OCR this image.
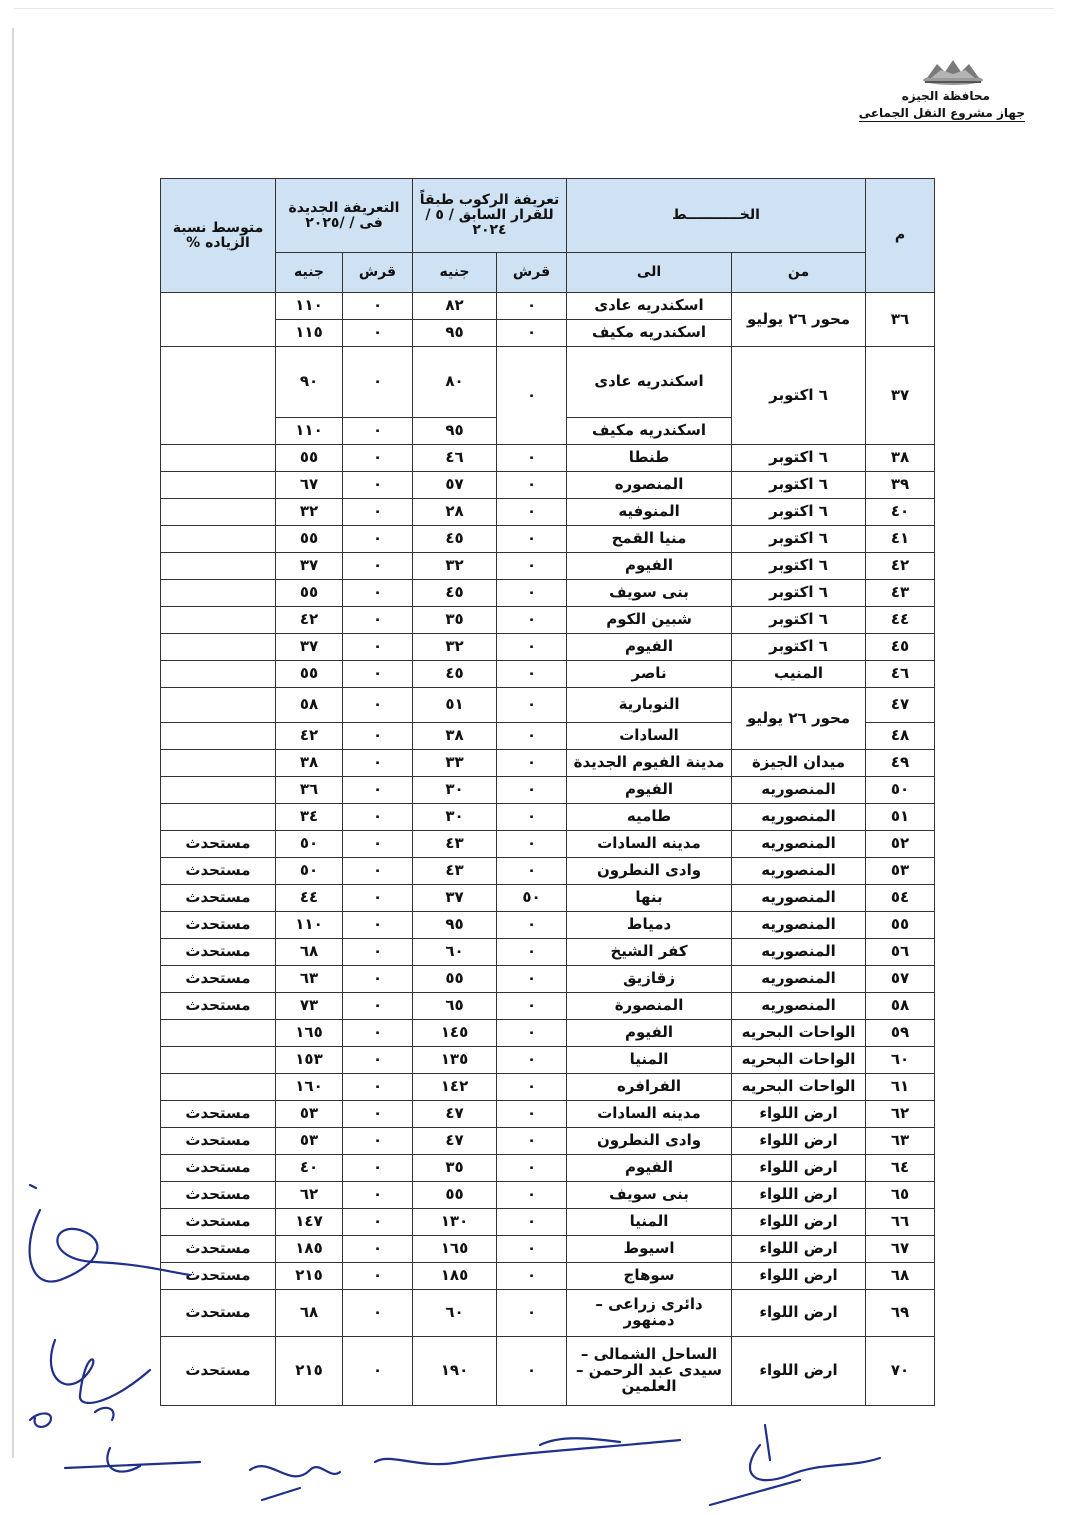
محافظة الجيزه
جهاز مشروع النقل الجماعى
م	الخـــــــــــط		تعريفة الركوب طبقاً للقرار السابق / ٥ / ٢٠٢٤		التعريفة الجديدة فى / /٢٠٢٥		متوسط نسبة الزياده %
	من	الى	قرش	جنيه	قرش	جنيه	
٣٦	محور ٢٦ يوليو	اسكندريه عادى	٠	٨٢	٠	١١٠	
		اسكندريه مكيف	٠	٩٥	٠	١١٥	
٣٧	٦ اكتوبر	اسكندريه عادى	٠	٨٠	٠	٩٠	
		اسكندريه مكيف		٩٥	٠	١١٠	
٣٨	٦ اكتوبر	طنطا	٠	٤٦	٠	٥٥	
٣٩	٦ اكتوبر	المنصوره	٠	٥٧	٠	٦٧	
٤٠	٦ اكتوبر	المنوفيه	٠	٢٨	٠	٣٢	
٤١	٦ اكتوبر	منيا القمح	٠	٤٥	٠	٥٥	
٤٢	٦ اكتوبر	الفيوم	٠	٣٢	٠	٣٧	
٤٣	٦ اكتوبر	بنى سويف	٠	٤٥	٠	٥٥	
٤٤	٦ اكتوبر	شبين الكوم	٠	٣٥	٠	٤٢	
٤٥	٦ اكتوبر	الفيوم	٠	٣٢	٠	٣٧	
٤٦	المنيب	ناصر	٠	٤٥	٠	٥٥	
٤٧	محور ٢٦ يوليو	النوبارية	٠	٥١	٠	٥٨	
٤٨		السادات	٠	٣٨	٠	٤٢	
٤٩	ميدان الجيزة	مدينة الفيوم الجديدة	٠	٣٣	٠	٣٨	
٥٠	المنصوريه	الفيوم	٠	٣٠	٠	٣٦	
٥١	المنصوريه	طاميه	٠	٣٠	٠	٣٤	
٥٢	المنصوريه	مدينه السادات	٠	٤٣	٠	٥٠	مستحدث
٥٣	المنصوريه	وادى النطرون	٠	٤٣	٠	٥٠	مستحدث
٥٤	المنصوريه	بنها	٥٠	٣٧	٠	٤٤	مستحدث
٥٥	المنصوريه	دمياط	٠	٩٥	٠	١١٠	مستحدث
٥٦	المنصوريه	كفر الشيخ	٠	٦٠	٠	٦٨	مستحدث
٥٧	المنصوريه	زقازيق	٠	٥٥	٠	٦٣	مستحدث
٥٨	المنصوريه	المنصورة	٠	٦٥	٠	٧٣	مستحدث
٥٩	الواحات البحريه	الفيوم	٠	١٤٥	٠	١٦٥	
٦٠	الواحات البحريه	المنيا	٠	١٣٥	٠	١٥٣	
٦١	الواحات البحريه	الفرافره	٠	١٤٢	٠	١٦٠	
٦٢	ارض اللواء	مدينه السادات	٠	٤٧	٠	٥٣	مستحدث
٦٣	ارض اللواء	وادى النطرون	٠	٤٧	٠	٥٣	مستحدث
٦٤	ارض اللواء	الفيوم	٠	٣٥	٠	٤٠	مستحدث
٦٥	ارض اللواء	بنى سويف	٠	٥٥	٠	٦٢	مستحدث
٦٦	ارض اللواء	المنيا	٠	١٣٠	٠	١٤٧	مستحدث
٦٧	ارض اللواء	اسيوط	٠	١٦٥	٠	١٨٥	مستحدث
٦٨	ارض اللواء	سوهاج	٠	١٨٥	٠	٢١٥	مستحدث
٦٩	ارض اللواء	دائرى زراعى – دمنهور	٠	٦٠	٠	٦٨	مستحدث
٧٠	ارض اللواء	الساحل الشمالى – سيدى عبد الرحمن – العلمين	٠	١٩٠	٠	٢١٥	مستحدث
